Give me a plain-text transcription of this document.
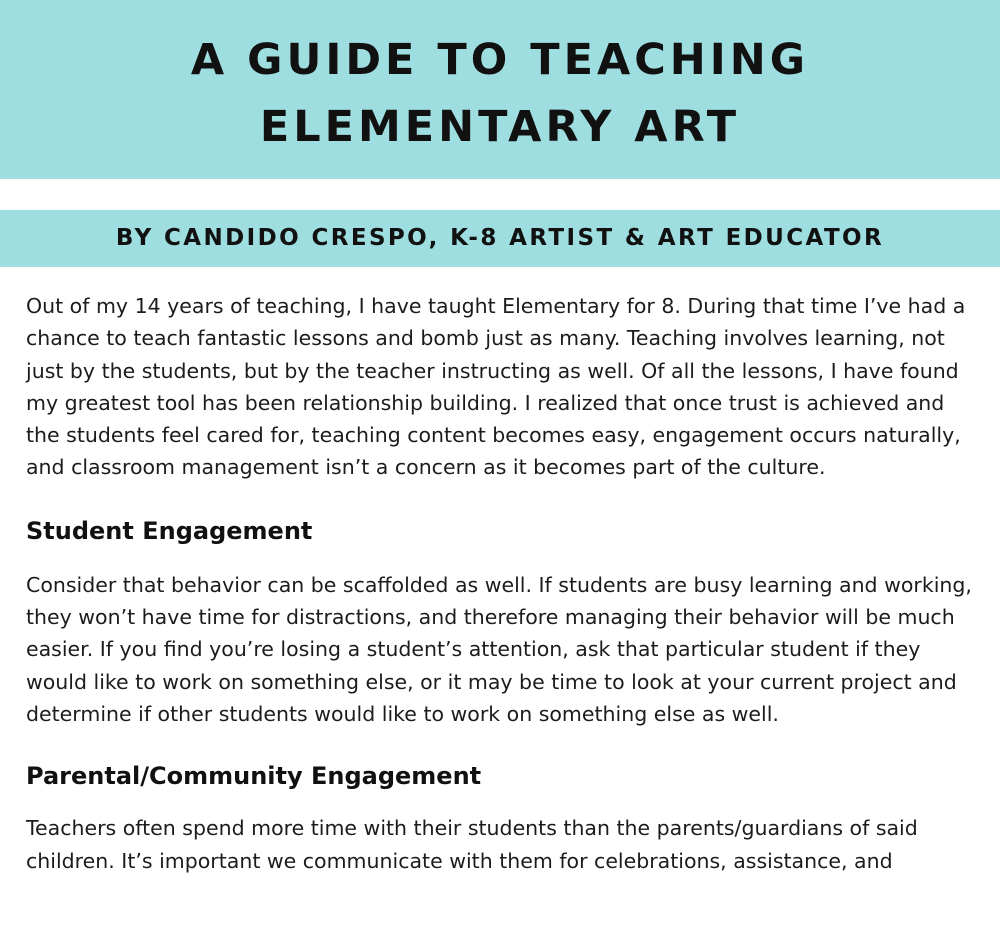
A GUIDE TO TEACHING
ELEMENTARY ART
BY CANDIDO CRESPO, K-8 ARTIST & ART EDUCATOR

Out of my 14 years of teaching, I have taught Elementary for 8. During that time I’ve had a chance to teach fantastic lessons and bomb just as many. Teaching involves learning, not just by the students, but by the teacher instructing as well. Of all the lessons, I have found my greatest tool has been relationship building. I realized that once trust is achieved and the students feel cared for, teaching content becomes easy, engagement occurs naturally, and classroom management isn’t a concern as it becomes part of the culture.

Student Engagement

Consider that behavior can be scaffolded as well. If students are busy learning and working, they won’t have time for distractions, and therefore managing their behavior will be much easier. If you find you’re losing a student’s attention, ask that particular student if they would like to work on something else, or it may be time to look at your current project and determine if other students would like to work on something else as well.

Parental/Community Engagement

Teachers often spend more time with their students than the parents/guardians of said children. It’s important we communicate with them for celebrations, assistance, and
